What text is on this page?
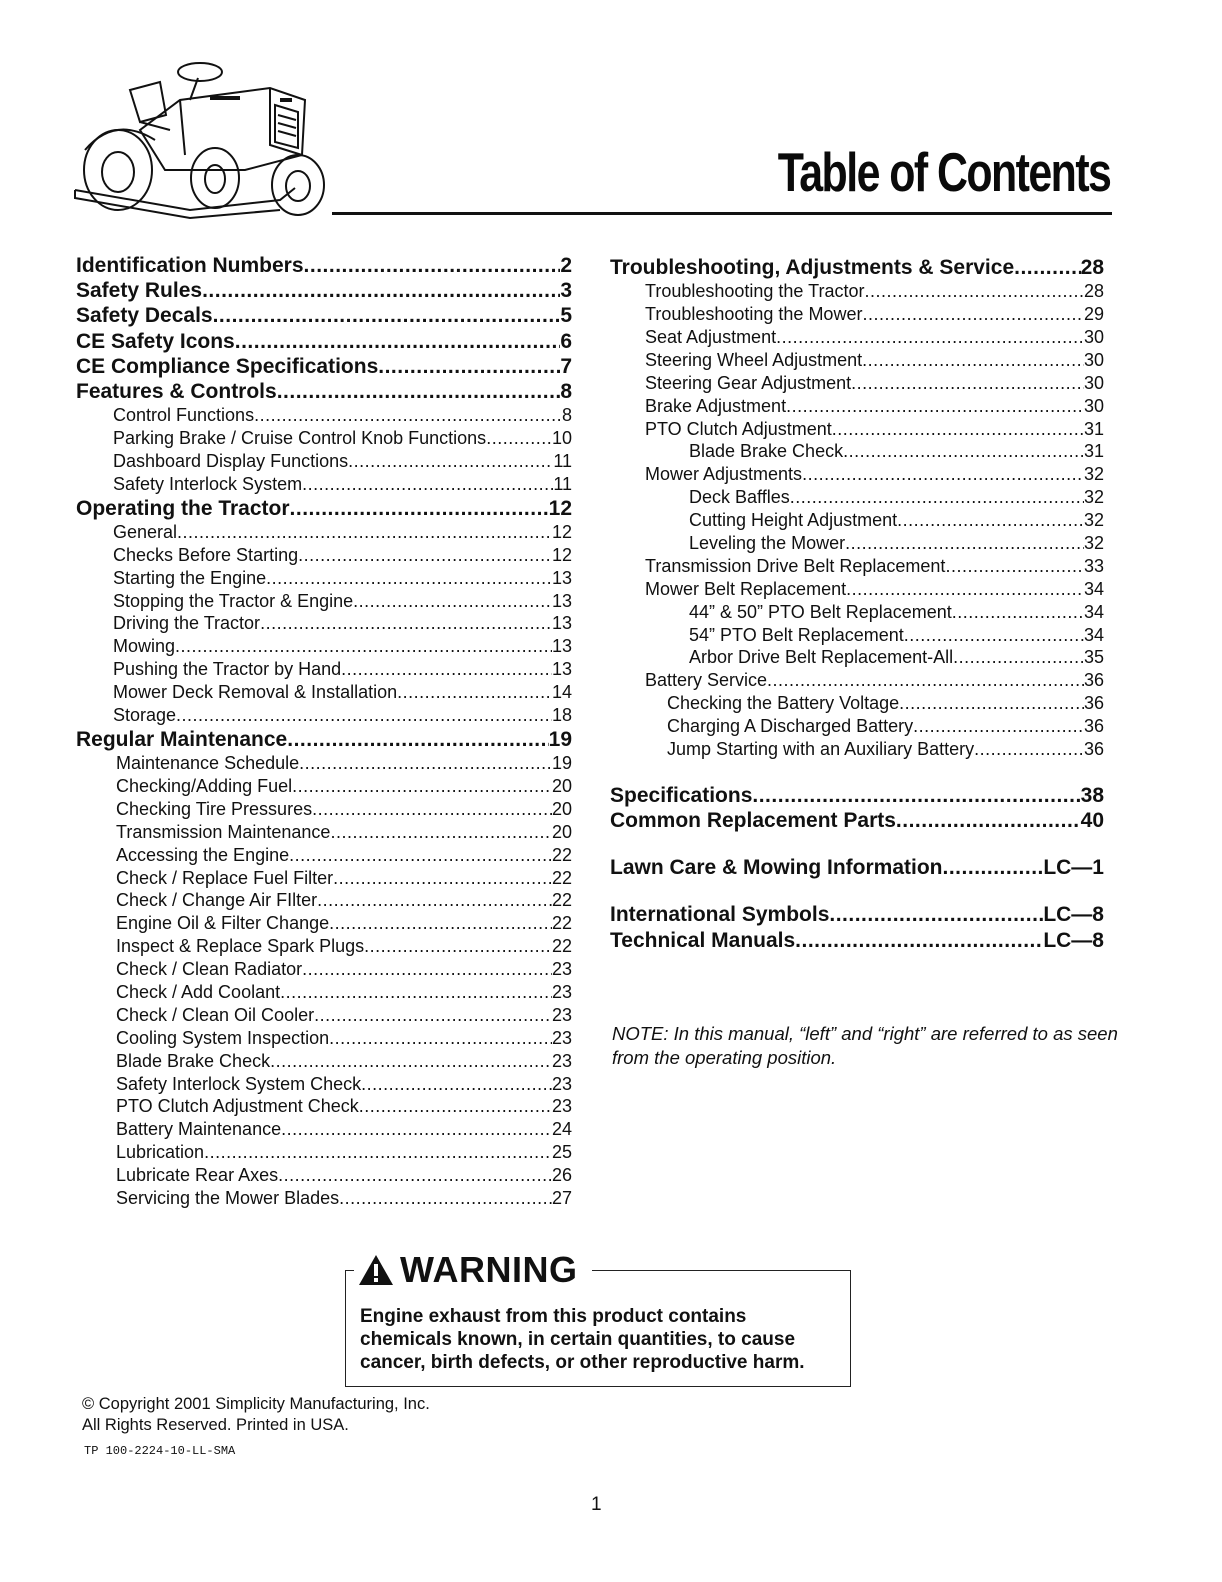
Table of Contents
Identification Numbers .....	2
Safety Rules .....	3
Safety Decals .....	5
CE Safety Icons .....	6
CE Compliance Specifications .....	7
Features & Controls .....	8
Control Functions .....	8
Parking Brake / Cruise Control Knob Functions .....	10
Dashboard Display Functions .....	11
Safety Interlock System .....	11
Operating the Tractor .....	12
General .....	12
Checks Before Starting .....	12
Starting the Engine .....	13
Stopping the Tractor & Engine .....	13
Driving the Tractor .....	13
Mowing .....	13
Pushing the Tractor by Hand .....	13
Mower Deck Removal & Installation .....	14
Storage .....	18
Regular Maintenance .....	19
Maintenance Schedule .....	19
Checking/Adding Fuel .....	20
Checking Tire Pressures .....	20
Transmission Maintenance .....	20
Accessing the Engine .....	22
Check / Replace Fuel Filter .....	22
Check / Change Air FIlter .....	22
Engine Oil & Filter Change .....	22
Inspect & Replace Spark Plugs .....	22
Check / Clean Radiator .....	23
Check / Add Coolant .....	23
Check / Clean Oil Cooler .....	23
Cooling System Inspection .....	23
Blade Brake Check .....	23
Safety Interlock System Check .....	23
PTO Clutch Adjustment Check .....	23
Battery Maintenance .....	24
Lubrication .....	25
Lubricate Rear Axes .....	26
Servicing the Mower Blades .....	27
Troubleshooting, Adjustments & Service .....	28
Troubleshooting the Tractor .....	28
Troubleshooting the Mower .....	29
Seat Adjustment .....	30
Steering Wheel Adjustment .....	30
Steering Gear Adjustment .....	30
Brake Adjustment .....	30
PTO Clutch Adjustment .....	31
Blade Brake Check .....	31
Mower Adjustments .....	32
Deck Baffles .....	32
Cutting Height Adjustment .....	32
Leveling the Mower .....	32
Transmission Drive Belt Replacement .....	33
Mower Belt Replacement .....	34
44” & 50” PTO Belt Replacement .....	34
54” PTO Belt Replacement .....	34
Arbor Drive Belt Replacement-All .....	35
Battery Service .....	36
Checking the Battery Voltage .....	36
Charging A Discharged Battery .....	36
Jump Starting with an Auxiliary Battery .....	36
Specifications .....	38
Common Replacement Parts .....	40
Lawn Care & Mowing Information .....	LC—1
International Symbols .....	LC—8
Technical Manuals .....	LC—8
NOTE: In this manual, “left” and “right” are referred to as seen from the operating position.
WARNING
Engine exhaust from this product contains chemicals known, in certain quantities, to cause cancer, birth defects, or other reproductive harm.
© Copyright 2001 Simplicity Manufacturing, Inc.
All Rights Reserved. Printed in USA.
TP 100-2224-10-LL-SMA
1
